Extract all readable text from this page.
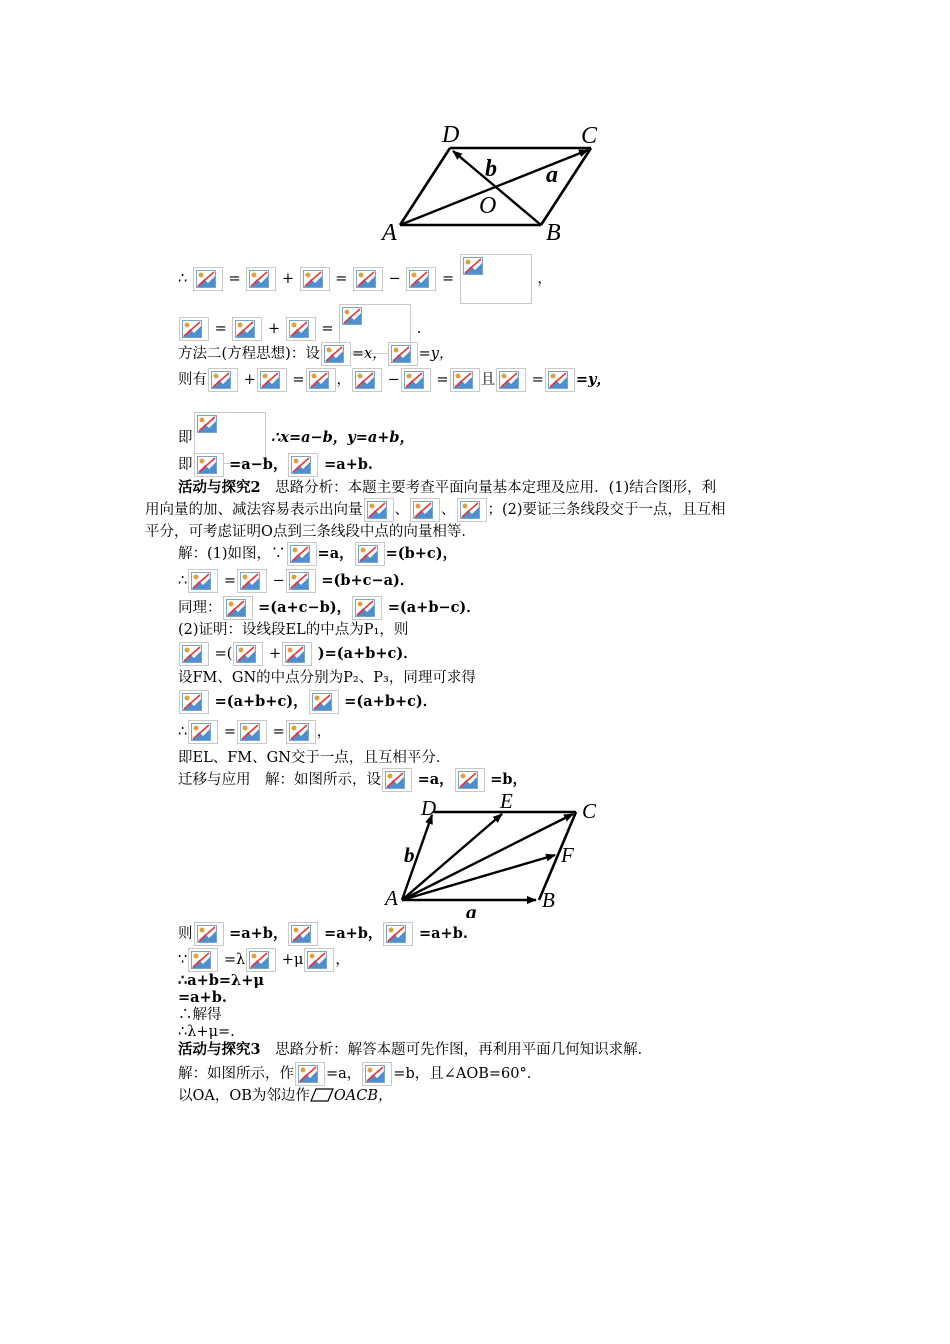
D	C
A	B
O
a
b
∴	=	+	=	−	=	，
=	+	=	.
方法二(方程思想)：设 =x， =y，
则有	+	= ，	−	= 且	= =y，
即	∴x=a−b，y=a+b，
即	=a−b，	=a+b.
活动与探究2　思路分析：本题主要考查平面向量基本定理及应用．(1)结合图形，利
用向量的加、减法容易表示出向量 、 、 ；(2)要证三条线段交于一点，且互相
平分，可考虑证明O点到三条线段中点的向量相等．
解：(1)如图，∵ =a， =(b+c)，
∴	=	−	=(b+c−a)．
同理：	=(a+c−b)，	=(a+b−c)．
(2)证明：设线段EL的中点为P₁，则
=(	+	)=(a+b+c)．
设FM、GN的中点分别为P₂、P₃，同理可求得
=(a+b+c)，	=(a+b+c)．
∴	=	= ，
即EL、FM、GN交于一点，且互相平分．
迁移与应用　解：如图所示，设	=a，	=b，
D	E	C
F
A	B
a
b
则	=a+b，	=a+b，	=a+b.
∵	=λ	+μ ，
∴a+b=λ+μ
=a+b.
∴解得
∴λ+μ=.
活动与探究3　思路分析：解答本题可先作图，再利用平面几何知识求解．
解：如图所示，作 =a， =b，且∠AOB=60°．
以OA，OB为邻边作 OACB，
